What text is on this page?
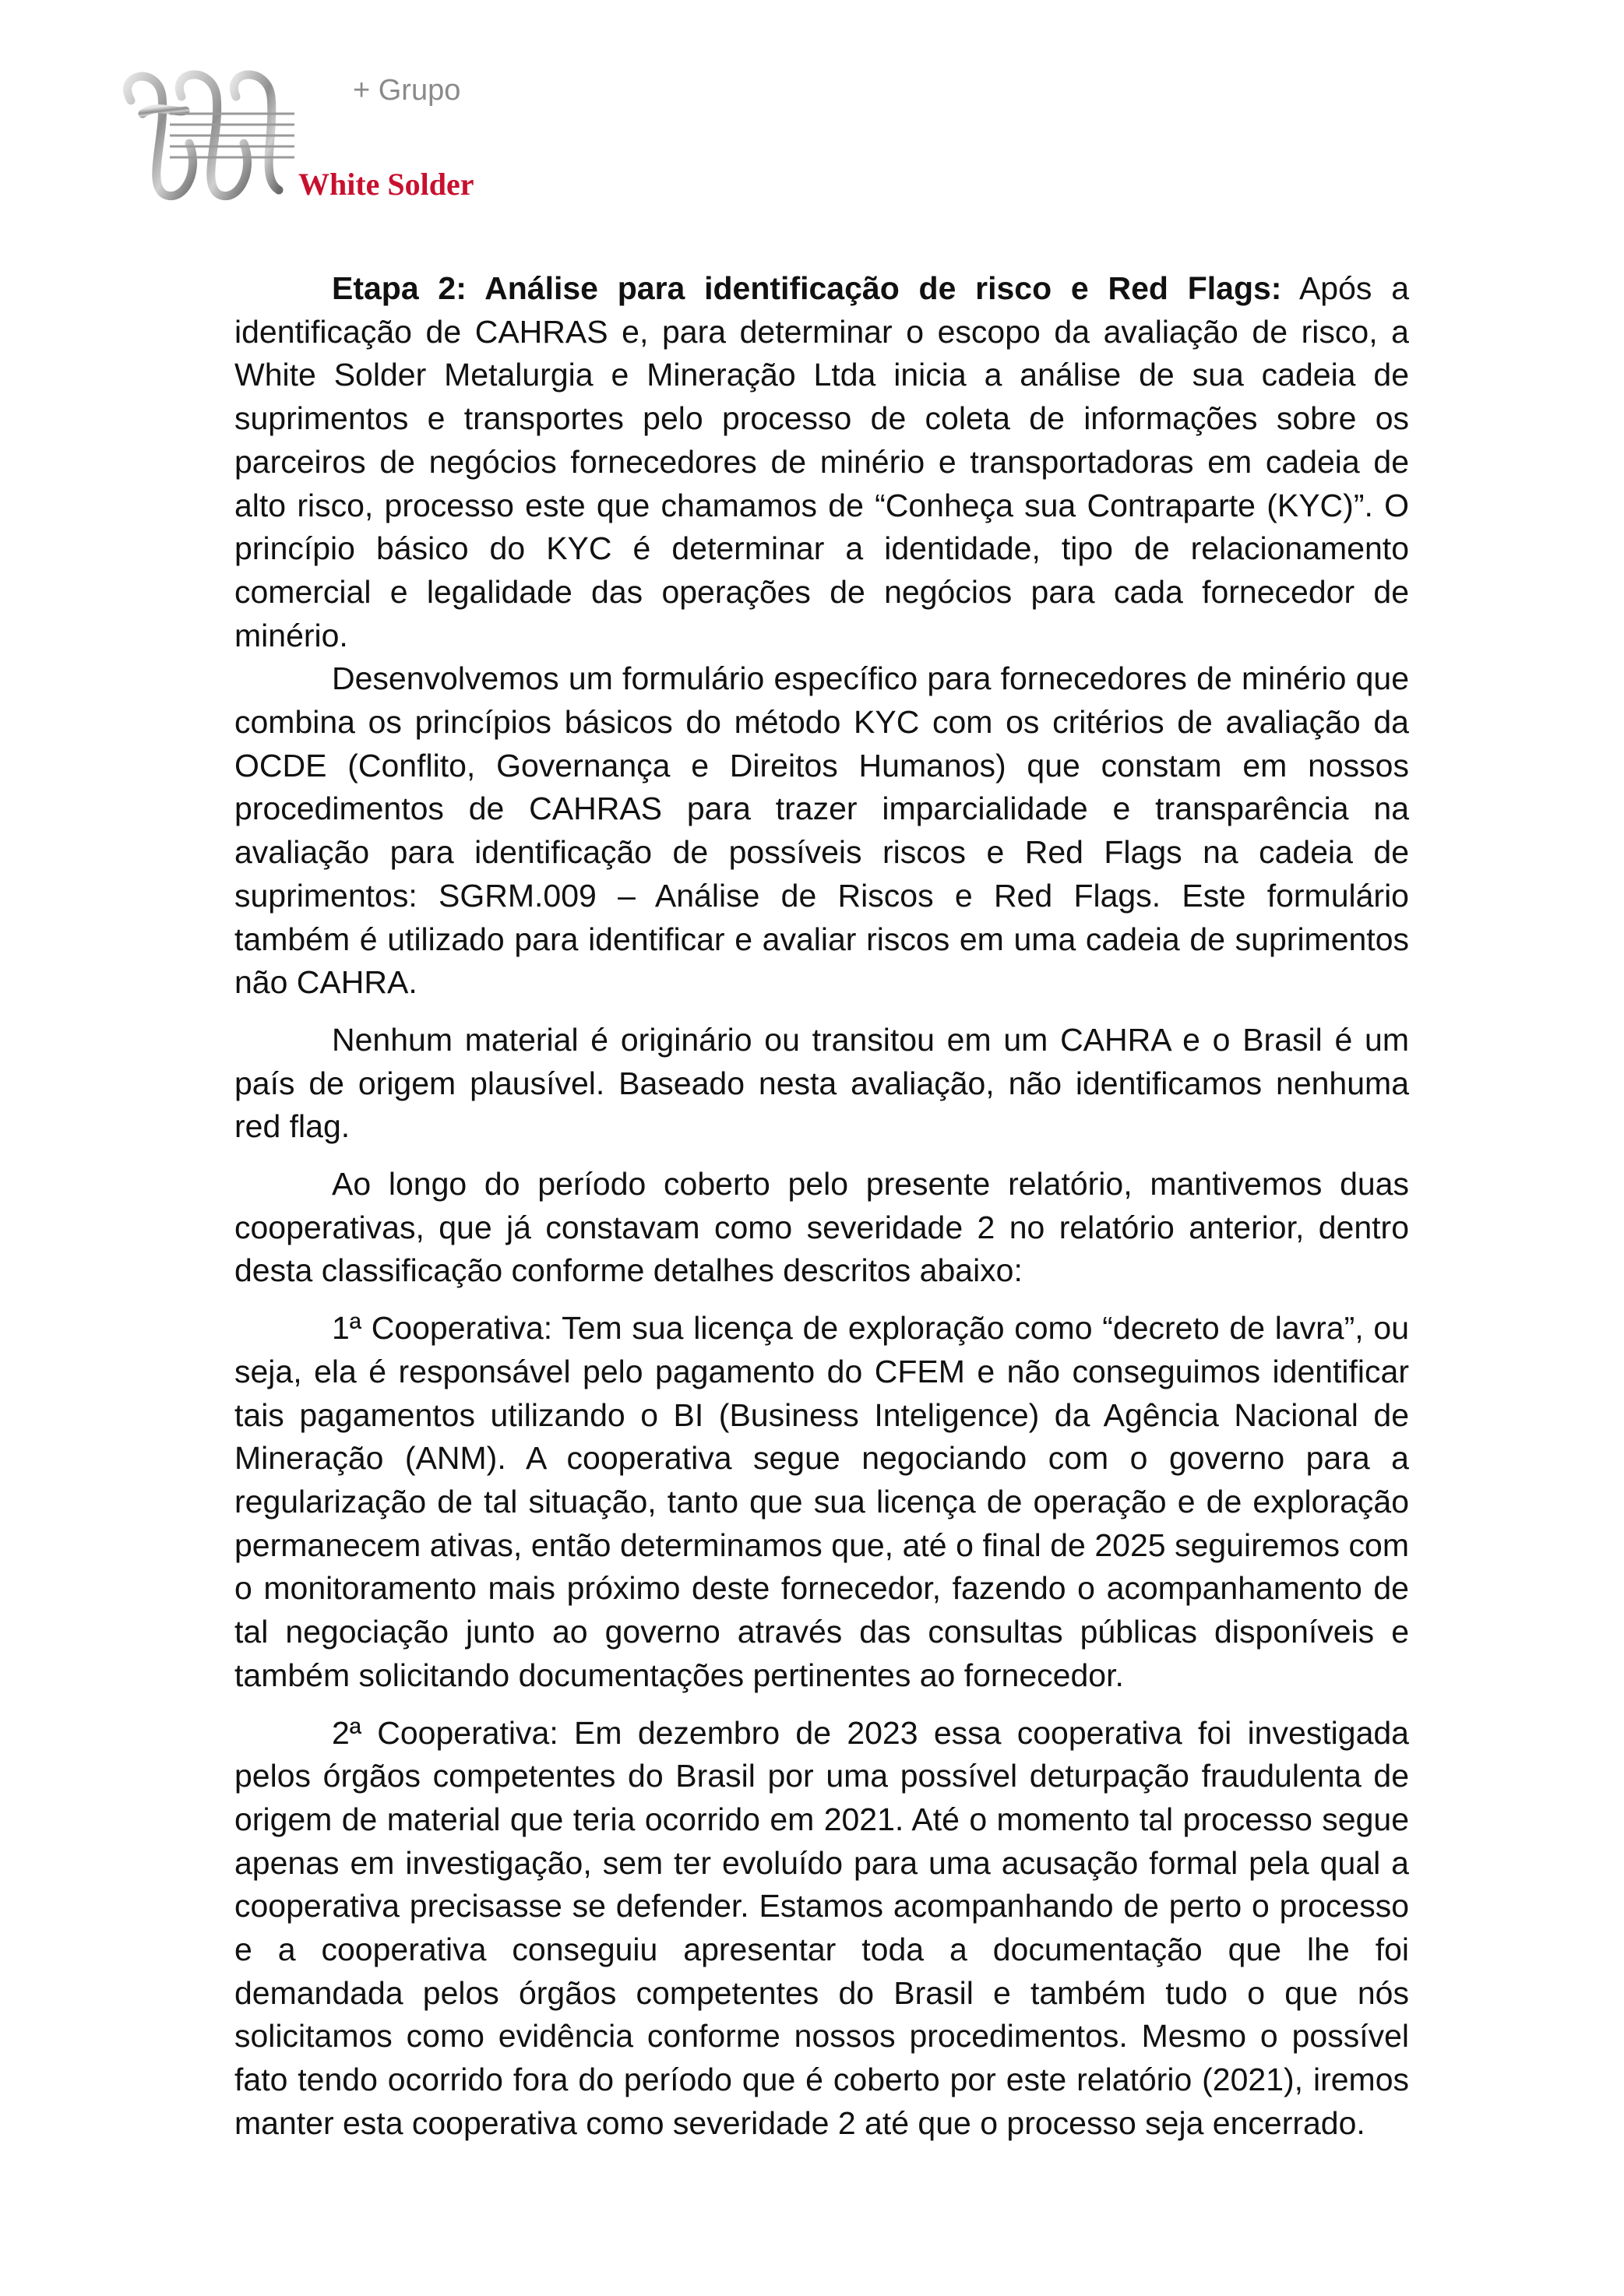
+ Grupo
White Solder

Etapa 2: Análise para identificação de risco e Red Flags: Após a identificação de CAHRAS e, para determinar o escopo da avaliação de risco, a White Solder Metalurgia e Mineração Ltda inicia a análise de sua cadeia de suprimentos e transportes pelo processo de coleta de informações sobre os parceiros de negócios fornecedores de minério e transportadoras em cadeia de alto risco, processo este que chamamos de “Conheça sua Contraparte (KYC)”. O princípio básico do KYC é determinar a identidade, tipo de relacionamento comercial e legalidade das operações de negócios para cada fornecedor de minério.

Desenvolvemos um formulário específico para fornecedores de minério que combina os princípios básicos do método KYC com os critérios de avaliação da OCDE (Conflito, Governança e Direitos Humanos) que constam em nossos procedimentos de CAHRAS para trazer imparcialidade e transparência na avaliação para identificação de possíveis riscos e Red Flags na cadeia de suprimentos: SGRM.009 – Análise de Riscos e Red Flags. Este formulário também é utilizado para identificar e avaliar riscos em uma cadeia de suprimentos não CAHRA.

Nenhum material é originário ou transitou em um CAHRA e o Brasil é um país de origem plausível. Baseado nesta avaliação, não identificamos nenhuma red flag.

Ao longo do período coberto pelo presente relatório, mantivemos duas cooperativas, que já constavam como severidade 2 no relatório anterior, dentro desta classificação conforme detalhes descritos abaixo:

1ª Cooperativa: Tem sua licença de exploração como “decreto de lavra”, ou seja, ela é responsável pelo pagamento do CFEM e não conseguimos identificar tais pagamentos utilizando o BI (Business Inteligence) da Agência Nacional de Mineração (ANM). A cooperativa segue negociando com o governo para a regularização de tal situação, tanto que sua licença de operação e de exploração permanecem ativas, então determinamos que, até o final de 2025 seguiremos com o monitoramento mais próximo deste fornecedor, fazendo o acompanhamento de tal negociação junto ao governo através das consultas públicas disponíveis e também solicitando documentações pertinentes ao fornecedor.

2ª Cooperativa: Em dezembro de 2023 essa cooperativa foi investigada pelos órgãos competentes do Brasil por uma possível deturpação fraudulenta de origem de material que teria ocorrido em 2021. Até o momento tal processo segue apenas em investigação, sem ter evoluído para uma acusação formal pela qual a cooperativa precisasse se defender. Estamos acompanhando de perto o processo e a cooperativa conseguiu apresentar toda a documentação que lhe foi demandada pelos órgãos competentes do Brasil e também tudo o que nós solicitamos como evidência conforme nossos procedimentos. Mesmo o possível fato tendo ocorrido fora do período que é coberto por este relatório (2021), iremos manter esta cooperativa como severidade 2 até que o processo seja encerrado.
